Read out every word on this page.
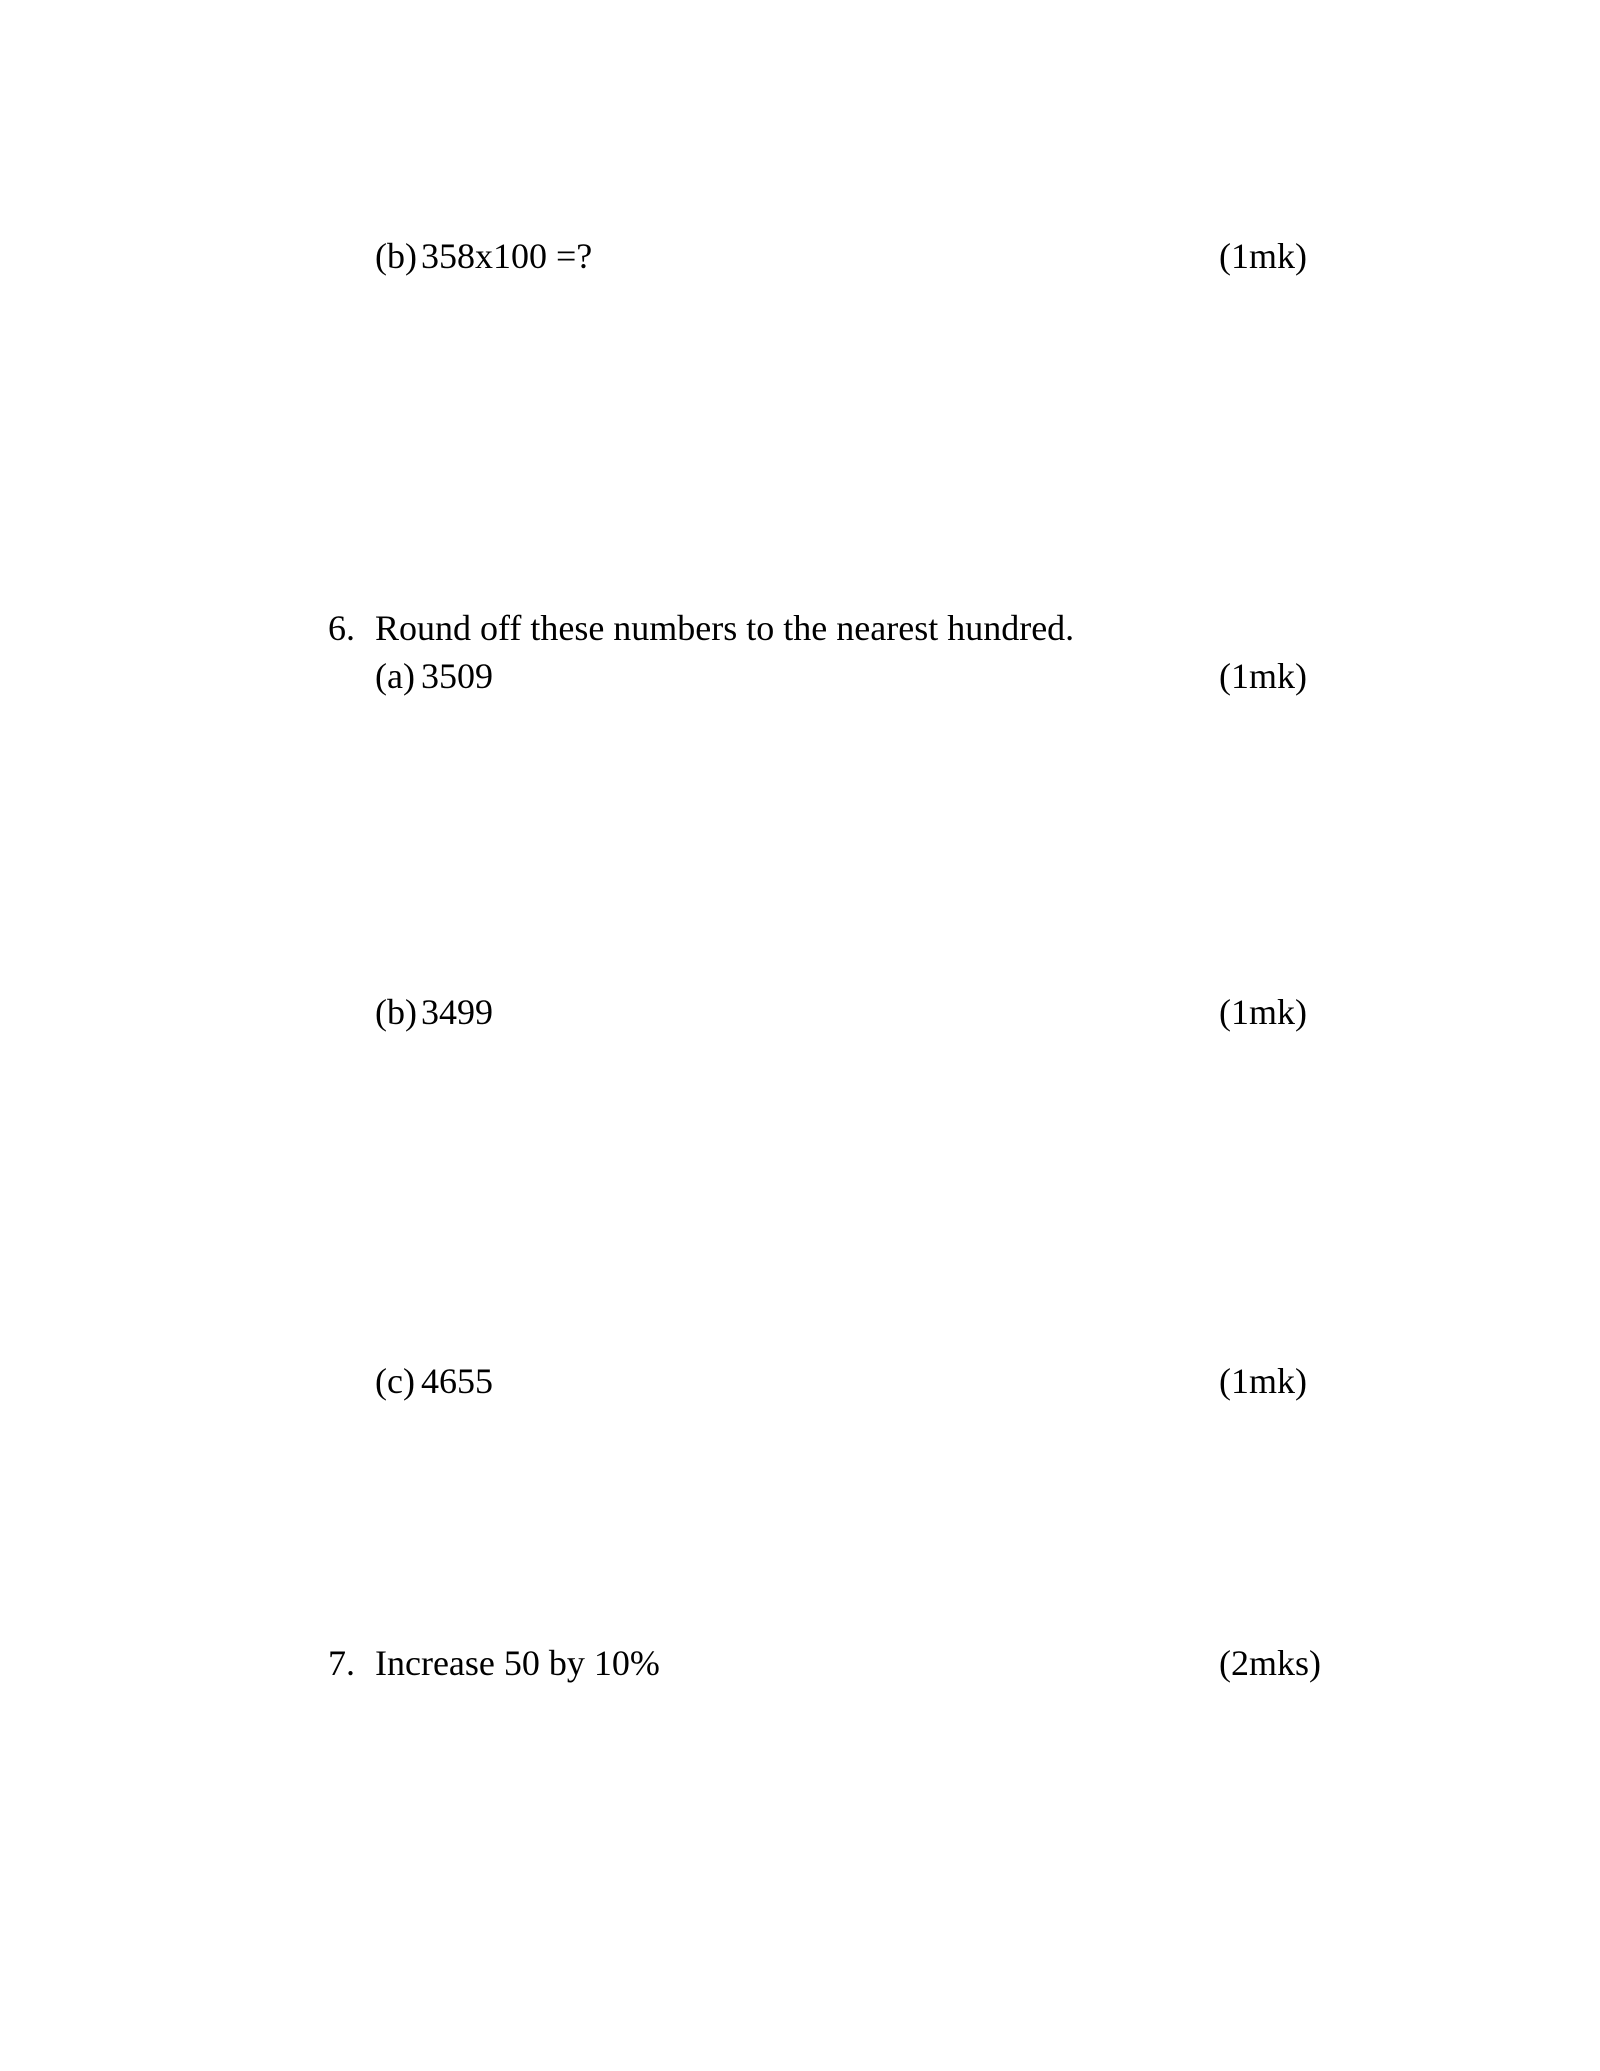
(b) 358x100 =?	(1mk)
6. Round off these numbers to the nearest hundred.
(a) 3509	(1mk)
(b) 3499	(1mk)
(c) 4655	(1mk)
7. Increase 50 by 10%	(2mks)
